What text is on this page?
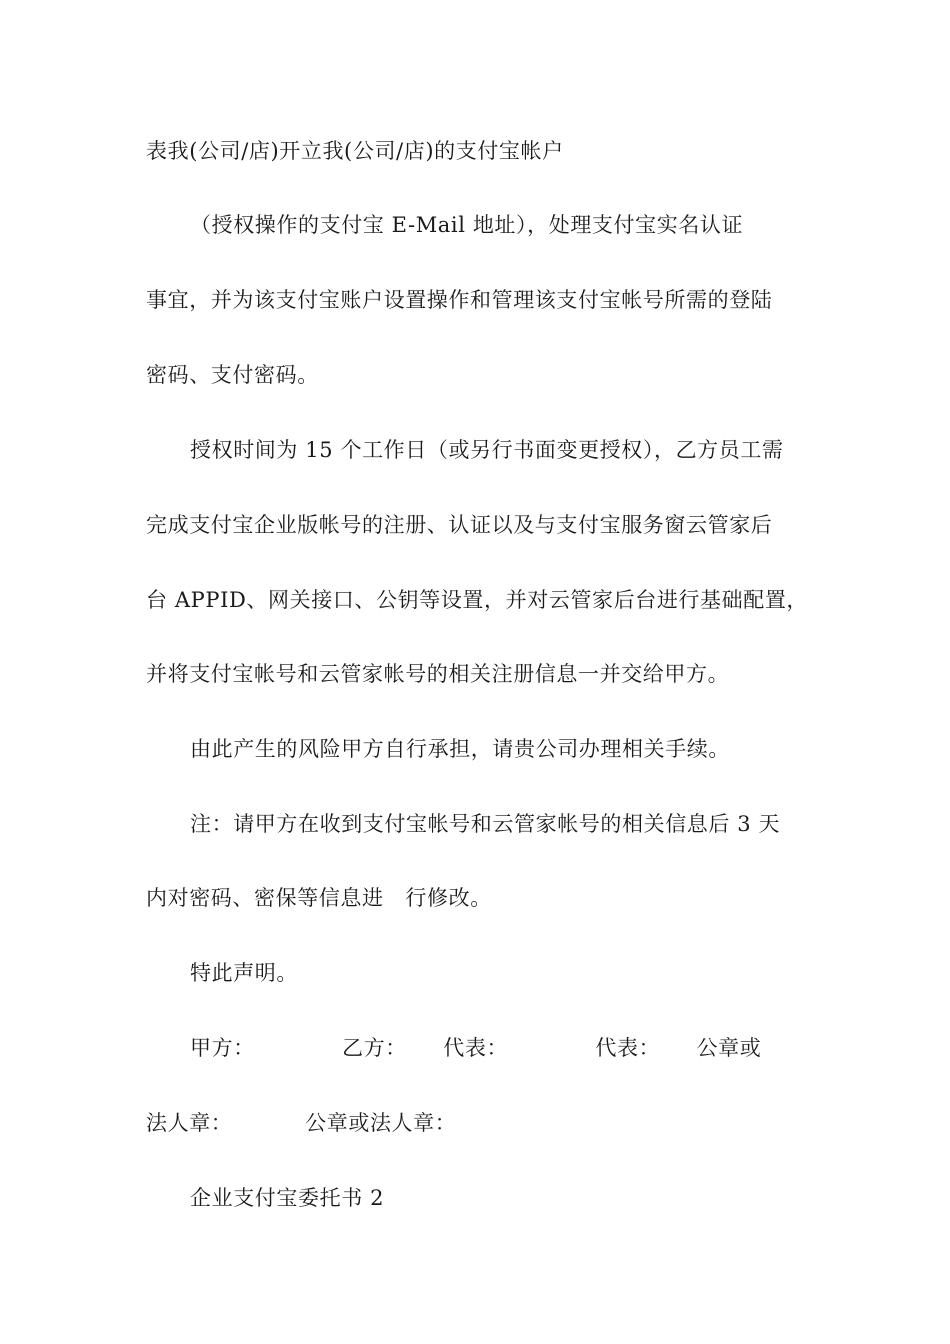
表我(公司/店)开立我(公司/店)的支付宝帐户
（授权操作的支付宝 E-Mail 地址），处理支付宝实名认证
事宜，并为该支付宝账户设置操作和管理该支付宝帐号所需的登陆
密码、支付密码。
授权时间为 15 个工作日（或另行书面变更授权），乙方员工需
完成支付宝企业版帐号的注册、认证以及与支付宝服务窗云管家后
台 APPID、网关接口、公钥等设置，并对云管家后台进行基础配置，
并将支付宝帐号和云管家帐号的相关注册信息一并交给甲方。
由此产生的风险甲方自行承担，请贵公司办理相关手续。
注：请甲方在收到支付宝帐号和云管家帐号的相关信息后 3 天
内对密码、密保等信息进   行修改。
特此声明。
甲方：            乙方：     代表：            代表：     公章或
法人章：          公章或法人章：
企业支付宝委托书 2
